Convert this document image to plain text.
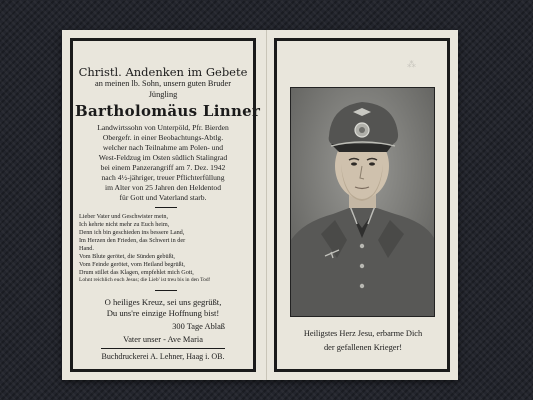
Christl. Andenken im Gebete
an meinen lb. Sohn, unsern guten Bruder
Jüngling
Bartholomäus Linner
Landwirtssohn von Unterpöld, Pfr. Bierden
Obergefr. in einer Beobachtungs-Abtlg.
welcher nach Teilnahme am Polen- und
West-Feldzug im Osten südlich Stalingrad
bei einem Panzerangriff am 7. Dez. 1942
nach 4½-jähriger, treuer Pflichterfüllung
im Alter von 25 Jahren den Heldentod
für Gott und Vaterland starb.
Lieber Vater und Geschwister mein,
Ich kehrte nicht mehr zu Euch heim,
Denn ich bin geschieden ins bessere Land,
Im Herzen den Frieden, das Schwert in der
Hand.
Vom Blute gerötet, die Sünden gebüßt,
Vom Feinde gerötet, vom Heiland begrüßt,
Drum stillet das Klagen, empfehlet mich Gott,
Lohnt reichlich euch Jesus; die Lieb' ist treu bis in den Tod!
O heiliges Kreuz, sei uns gegrüßt,
Du uns're einzige Hoffnung bist!
300 Tage Ablaß
Vater unser - Ave Maria
Buchdruckerei A. Lehner, Haag i. OB.
⁂
Heiligstes Herz Jesu, erbarme Dich
der gefallenen Krieger!
